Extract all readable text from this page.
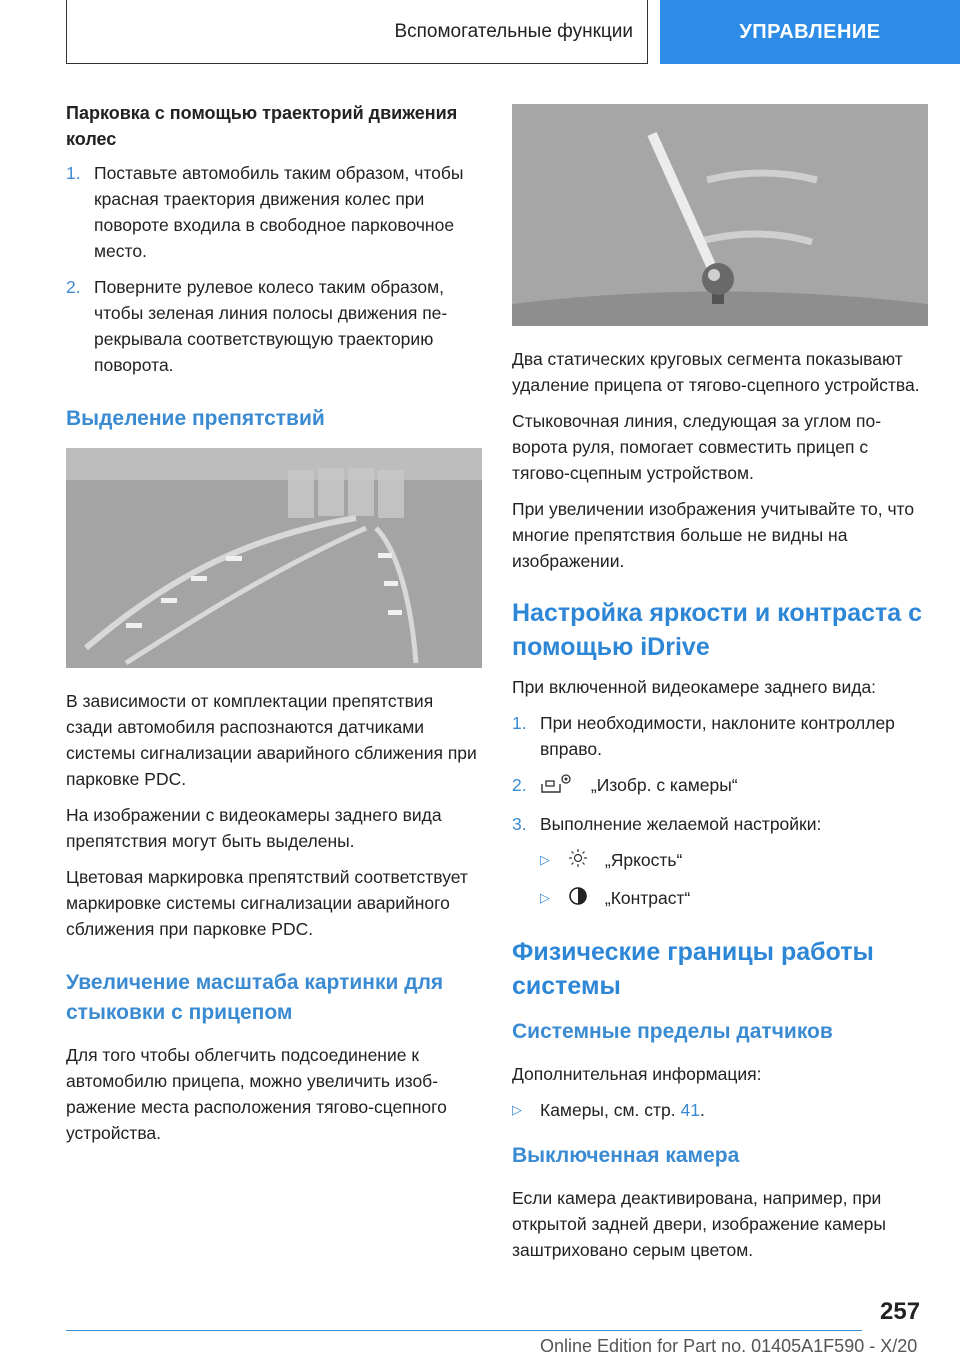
Вспомогательные функции	УПРАВЛЕНИЕ
Парковка с помощью траекторий движения колес
1. Поставьте автомобиль таким образом, чтобы красная траектория движения колес при повороте входила в свободное парковочное место.
2. Поверните рулевое колесо таким образом, чтобы зеленая линия полосы движения перекрывала соответствующую траекторию поворота.
Выделение препятствий

В зависимости от комплектации препятствия сзади автомобиля распознаются датчиками системы сигнализации аварийного сближения при парковке PDC.

На изображении с видеокамеры заднего вида препятствия могут быть выделены.

Цветовая маркировка препятствий соответствует маркировке системы сигнализации аварийного сближения при парковке PDC.

Увеличение масштаба картинки для стыковки с прицепом

Для того чтобы облегчить подсоединение к автомобилю прицепа, можно увеличить изображение места расположения тягово-сцепного устройства.

Два статических круговых сегмента показывают удаление прицепа от тягово-сцепного устройства.

Стыковочная линия, следующая за углом поворота руля, помогает совместить прицеп с тягово-сцепным устройством.

При увеличении изображения учитывайте то, что многие препятствия больше не видны на изображении.

Настройка яркости и контраста с помощью iDrive

При включенной видеокамере заднего вида:

1. При необходимости, наклоните контроллер вправо.
2.	„Изобр. с камеры“
3. Выполнение желаемой настройки:
▷	„Яркость“
▷	„Контраст“
Физические границы работы системы
Системные пределы датчиков

Дополнительная информация:

▷ Камеры, см. стр. 41.
Выключенная камера

Если камера деактивирована, например, при открытой задней двери, изображение камеры заштриховано серым цветом.

257
Online Edition for Part no. 01405A1F590 - X/20
